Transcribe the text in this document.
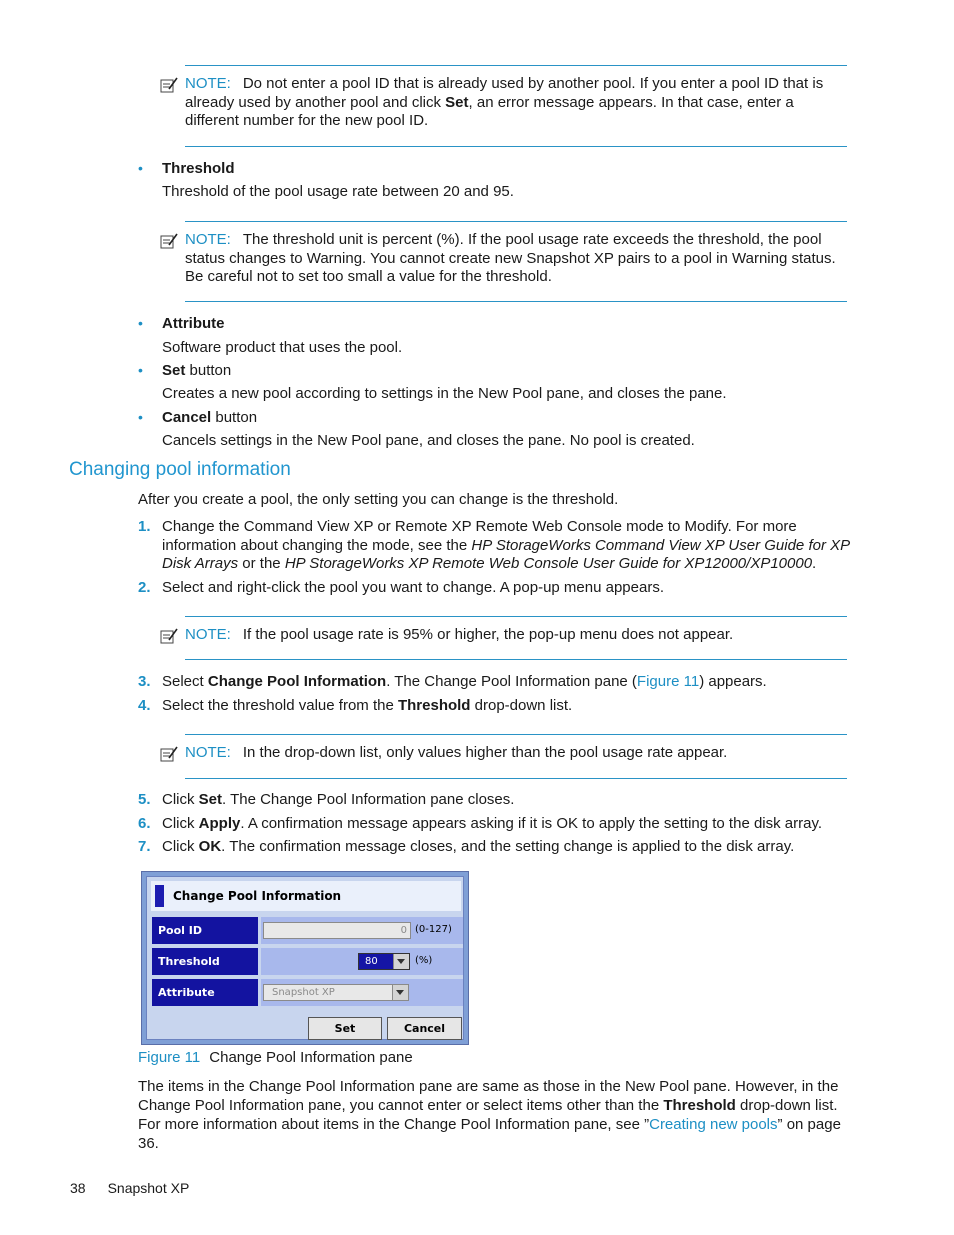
NOTE: Do not enter a pool ID that is already used by another pool. If you enter a pool ID that is already used by another pool and click Set, an error message appears. In that case, enter a different number for the new pool ID.
• Threshold
Threshold of the pool usage rate between 20 and 95.
NOTE: The threshold unit is percent (%). If the pool usage rate exceeds the threshold, the pool status changes to Warning. You cannot create new Snapshot XP pairs to a pool in Warning status. Be careful not to set too small a value for the threshold.
• Attribute
Software product that uses the pool.
• Set button
Creates a new pool according to settings in the New Pool pane, and closes the pane.
• Cancel button
Cancels settings in the New Pool pane, and closes the pane. No pool is created.
Changing pool information
After you create a pool, the only setting you can change is the threshold.
1. Change the Command View XP or Remote XP Remote Web Console mode to Modify. For more information about changing the mode, see the HP StorageWorks Command View XP User Guide for XP Disk Arrays or the HP StorageWorks XP Remote Web Console User Guide for XP12000/XP10000.
2. Select and right-click the pool you want to change. A pop-up menu appears.
NOTE: If the pool usage rate is 95% or higher, the pop-up menu does not appear.
3. Select Change Pool Information. The Change Pool Information pane (Figure 11) appears.
4. Select the threshold value from the Threshold drop-down list.
NOTE: In the drop-down list, only values higher than the pool usage rate appear.
5. Click Set. The Change Pool Information pane closes.
6. Click Apply. A confirmation message appears asking if it is OK to apply the setting to the disk array.
7. Click OK. The confirmation message closes, and the setting change is applied to the disk array.
Change Pool Information
Pool ID	0 (0-127)
Threshold	80	(%)
Attribute	Snapshot XP
Set	Cancel
Figure 11 Change Pool Information pane
The items in the Change Pool Information pane are same as those in the New Pool pane. However, in the Change Pool Information pane, you cannot enter or select items other than the Threshold drop-down list. For more information about items in the Change Pool Information pane, see ”Creating new pools” on page 36.
38 Snapshot XP
